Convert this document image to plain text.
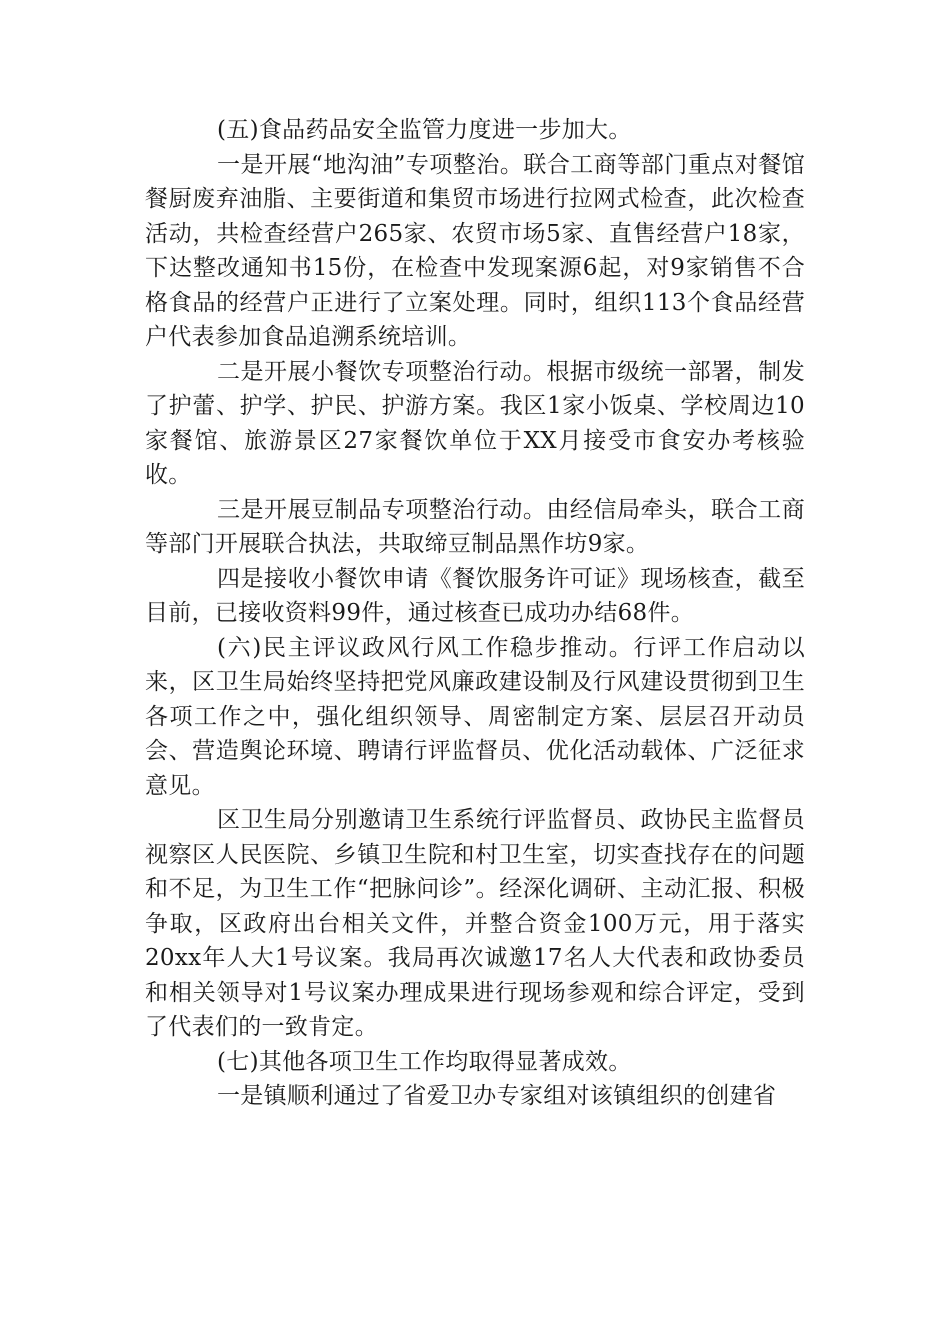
(五)食品药品安全监管力度进一步加大。

一是开展“地沟油”专项整治。联合工商等部门重点对餐馆餐厨废弃油脂、主要街道和集贸市场进行拉网式检查，此次检查活动，共检查经营户265家、农贸市场5家、直售经营户18家，下达整改通知书15份，在检查中发现案源6起，对9家销售不合格食品的经营户正进行了立案处理。同时，组织113个食品经营户代表参加食品追溯系统培训。

二是开展小餐饮专项整治行动。根据市级统一部署，制发了护蕾、护学、护民、护游方案。我区1家小饭桌、学校周边10家餐馆、旅游景区27家餐饮单位于XX月接受市食安办考核验收。

三是开展豆制品专项整治行动。由经信局牵头，联合工商等部门开展联合执法，共取缔豆制品黑作坊9家。

四是接收小餐饮申请《餐饮服务许可证》现场核查，截至目前，已接收资料99件，通过核查已成功办结68件。

(六)民主评议政风行风工作稳步推动。行评工作启动以来，区卫生局始终坚持把党风廉政建设制及行风建设贯彻到卫生各项工作之中，强化组织领导、周密制定方案、层层召开动员会、营造舆论环境、聘请行评监督员、优化活动载体、广泛征求意见。

区卫生局分别邀请卫生系统行评监督员、政协民主监督员视察区人民医院、乡镇卫生院和村卫生室，切实查找存在的问题和不足，为卫生工作“把脉问诊”。经深化调研、主动汇报、积极争取，区政府出台相关文件，并整合资金100万元，用于落实20xx年人大1号议案。我局再次诚邀17名人大代表和政协委员和相关领导对1号议案办理成果进行现场参观和综合评定，受到了代表们的一致肯定。

(七)其他各项卫生工作均取得显著成效。

一是镇顺利通过了省爱卫办专家组对该镇组织的创建省
